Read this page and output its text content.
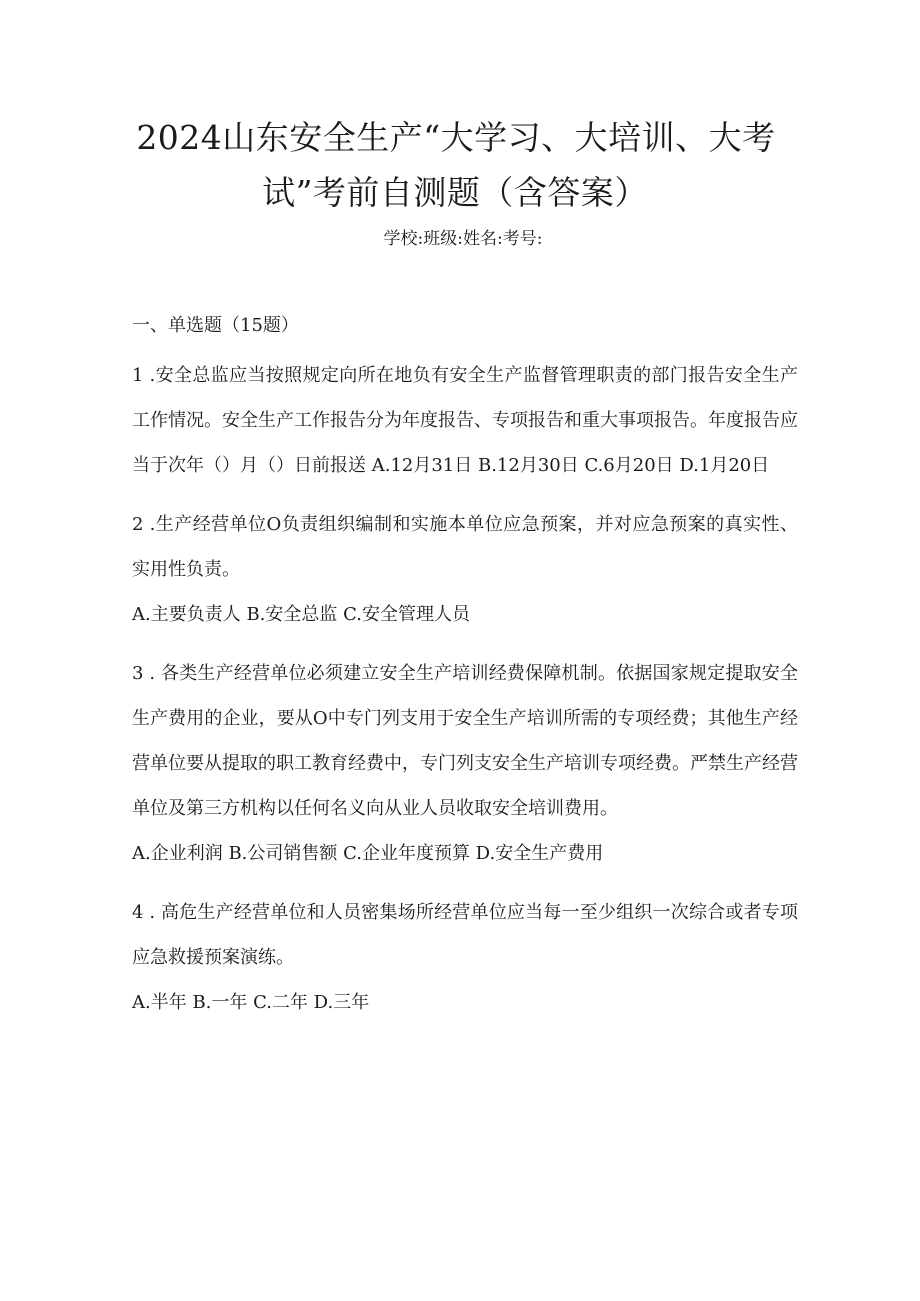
2024山东安全生产“大学习、大培训、大考
试”考前自测题（含答案）
学校:班级:姓名:考号:

一、单选题（15题）

1 .安全总监应当按照规定向所在地负有安全生产监督管理职责的部门报告安全生产工作情况。安全生产工作报告分为年度报告、专项报告和重大事项报告。年度报告应当于次年（）月（）日前报送 A.12月31日 B.12月30日 C.6月20日 D.1月20日

2 .生产经营单位O负责组织编制和实施本单位应急预案，并对应急预案的真实性、实用性负责。

A.主要负责人 B.安全总监 C.安全管理人员

3 . 各类生产经营单位必须建立安全生产培训经费保障机制。依据国家规定提取安全生产费用的企业，要从O中专门列支用于安全生产培训所需的专项经费；其他生产经营单位要从提取的职工教育经费中，专门列支安全生产培训专项经费。严禁生产经营单位及第三方机构以任何名义向从业人员收取安全培训费用。

A.企业利润 B.公司销售额 C.企业年度预算 D.安全生产费用

4 . 高危生产经营单位和人员密集场所经营单位应当每一至少组织一次综合或者专项应急救援预案演练。

A.半年 B.一年 C.二年 D.三年
